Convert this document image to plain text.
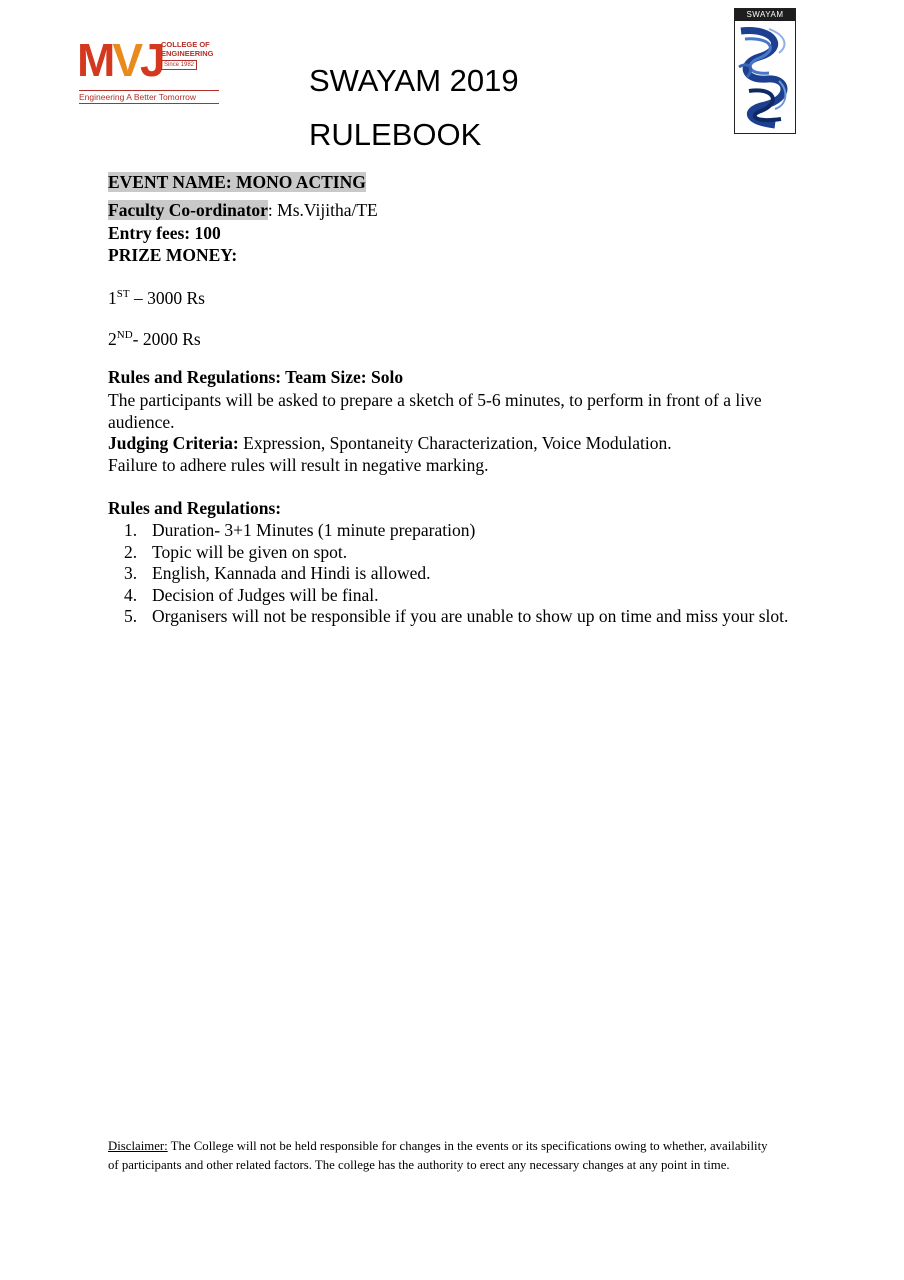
MVJ
COLLEGE OF
ENGINEERING
Since 1982
Engineering A Better Tomorrow	SWAYAM 2019
RULEBOOK
SWAYAM
EVENT NAME: MONO ACTING
Faculty Co-ordinator: Ms.Vijitha/TE
Entry fees: 100
PRIZE MONEY:
1ST – 3000 Rs
2ND- 2000 Rs
Rules and Regulations: Team Size: Solo
The participants will be asked to prepare a sketch of 5-6 minutes, to perform in front of a live audience.
Judging Criteria: Expression, Spontaneity Characterization, Voice Modulation.
Failure to adhere rules will result in negative marking.
Rules and Regulations:
1. Duration- 3+1 Minutes (1 minute preparation)
2. Topic will be given on spot.
3. English, Kannada and Hindi is allowed.
4. Decision of Judges will be final.
5. Organisers will not be responsible if you are unable to show up on time and miss your slot.
Disclaimer: The College will not be held responsible for changes in the events or its specifications owing to whether, availability of participants and other related factors. The college has the authority to erect any necessary changes at any point in time.
